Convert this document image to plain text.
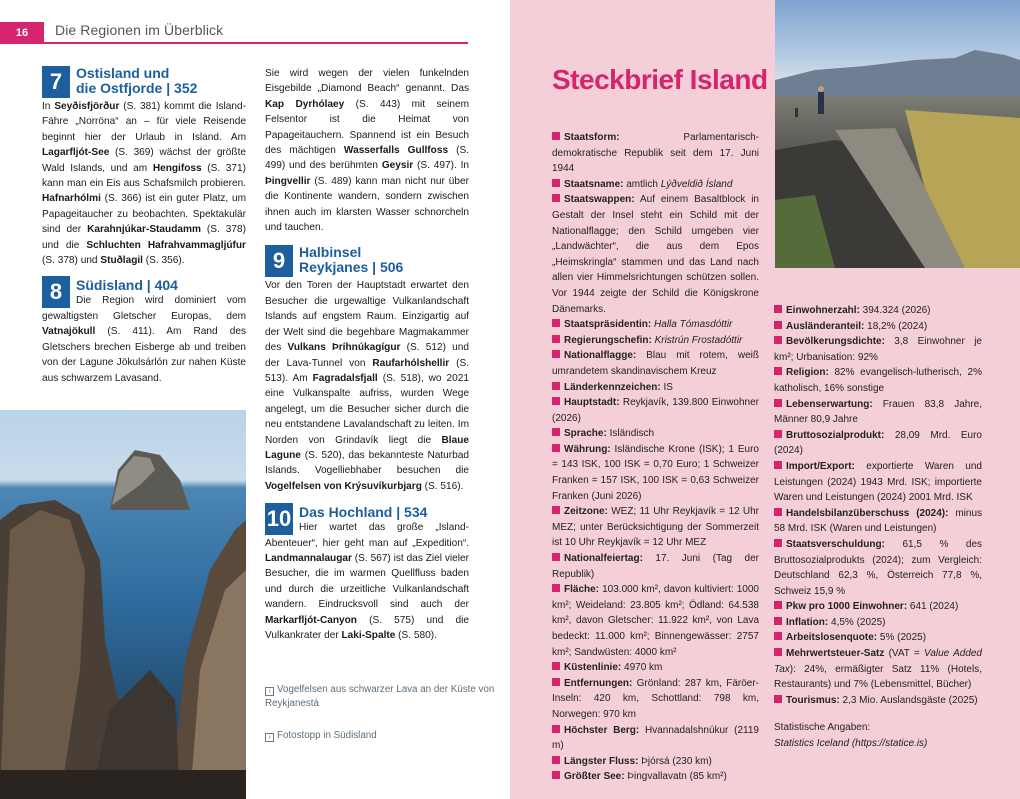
16	Die Regionen im Überblick
7 Ostisland und
die Ostfjorde | 352

In Seyðisfjörður (S. 381) kommt die Island-Fähre „Norröna“ an – für viele Reisende beginnt hier der Urlaub in Island. Am Lagarfljót-See (S. 369) wächst der größte Wald Islands, und am Hengifoss (S. 371) kann man ein Eis aus Schafsmilch probieren. Hafnarhólmi (S. 366) ist ein guter Platz, um Papageitaucher zu beobachten. Spektakulär sind der Karahnjúkar-Staudamm (S. 378) und die Schluchten Hafrahvammagljúfur (S. 378) und Stuðlagil (S. 356).

8 Südisland | 404

Die Region wird dominiert vom gewaltigsten Gletscher Europas, dem Vatnajökull (S. 411). Am Rand des Gletschers brechen Eisberge ab und treiben von der Lagune Jökulsárlón zur nahen Küste aus schwarzem Lavasand.

Sie wird wegen der vielen funkelnden Eisgebilde „Diamond Beach“ genannt. Das Kap Dyrhólaey (S. 443) mit seinem Felsentor ist die Heimat von Papageitauchern. Spannend ist ein Besuch des mächtigen Wasserfalls Gullfoss (S. 499) und des berühmten Geysir (S. 497). In Þingvellir (S. 489) kann man nicht nur über die Kontinente wandern, sondern zwischen ihnen auch im klarsten Wasser schnorcheln und tauchen.

9 Halbinsel
Reykjanes | 506

Vor den Toren der Hauptstadt erwartet den Besucher die urgewaltige Vulkanlandschaft Islands auf engstem Raum. Einzigartig auf der Welt sind die begehbare Magmakammer des Vulkans Þríhnúkagígur (S. 512) und der Lava-Tunnel von Raufarhólshellir (S. 513). Am Fagradalsfjall (S. 518), wo 2021 eine Vulkanspalte aufriss, wurden Wege angelegt, um die Besucher sicher durch die neu entstandene Lavalandschaft zu leiten. Im Norden von Grindavík liegt die Blaue Lagune (S. 520), das bekannteste Naturbad Islands. Vogelliebhaber besuchen die Vogelfelsen von Krýsuvíkurbjarg (S. 516).

10 Das Hochland | 534

Hier wartet das große „Island-Abenteuer“, hier geht man auf „Expedition“. Landmannalaugar (S. 567) ist das Ziel vieler Besucher, die im warmen Quellfluss baden und durch die urzeitliche Vulkanlandschaft wandern. Eindrucksvoll sind auch der Markarfljót-Canyon (S. 575) und die Vulkankrater der Laki-Spalte (S. 580).

‹ Vogelfelsen aus schwarzer Lava an der Küste von Reykjanestá
› Fotostopp in Südisland
Steckbrief Island

Staatsform: Parlamentarisch-demokratische Republik seit dem 17. Juni 1944

Staatsname: amtlich Lýðveldið Ísland

Staatswappen: Auf einem Basaltblock in Gestalt der Insel steht ein Schild mit der Nationalflagge; den Schild umgeben vier „Landwächter“, die aus dem Epos „Heimskringla“ stammen und das Land nach allen vier Himmelsrichtungen schützen sollen. Vor 1944 zeigte der Schild die Königskrone Dänemarks.

Staatspräsidentin: Halla Tómasdóttir

Regierungschefin: Kristrún Frostadóttir

Nationalflagge: Blau mit rotem, weiß umrandetem skandinavischem Kreuz

Länderkennzeichen: IS

Hauptstadt: Reykjavík, 139.800 Einwohner (2026)

Sprache: Isländisch

Währung: Isländische Krone (ISK); 1 Euro = 143 ISK, 100 ISK = 0,70 Euro; 1 Schweizer Franken = 157 ISK, 100 ISK = 0,63 Schweizer Franken (Juni 2026)

Zeitzone: WEZ; 11 Uhr Reykjavík = 12 Uhr MEZ; unter Berücksichtigung der Sommerzeit ist 10 Uhr Reykjavík = 12 Uhr MEZ

Nationalfeiertag: 17. Juni (Tag der Republik)

Fläche: 103.000 km², davon kultiviert: 1000 km²; Weideland: 23.805 km²; Ödland: 64.538 km², davon Gletscher: 11.922 km², von Lava bedeckt: 11.000 km²; Binnengewässer: 2757 km²; Sandwüsten: 4000 km²

Küstenlinie: 4970 km

Entfernungen: Grönland: 287 km, Färöer-Inseln: 420 km, Schottland: 798 km, Norwegen: 970 km

Höchster Berg: Hvannadalshnúkur (2119 m)

Längster Fluss: Þjórsá (230 km)

Größter See: Þingvallavatn (85 km²)

Einwohnerzahl: 394.324 (2026)

Ausländeranteil: 18,2% (2024)

Bevölkerungsdichte: 3,8 Einwohner je km²; Urbanisation: 92%

Religion: 82% evangelisch-lutherisch, 2% katholisch, 16% sonstige

Lebenserwartung: Frauen 83,8 Jahre, Männer 80,9 Jahre

Bruttosozialprodukt: 28,09 Mrd. Euro (2024)

Import/Export: exportierte Waren und Leistungen (2024) 1943 Mrd. ISK; importierte Waren und Leistungen (2024) 2001 Mrd. ISK

Handelsbilanzüberschuss (2024): minus 58 Mrd. ISK (Waren und Leistungen)

Staatsverschuldung: 61,5 % des Bruttosozialprodukts (2024); zum Vergleich: Deutschland 62,3 %, Österreich 77,8 %, Schweiz 15,9 %

Pkw pro 1000 Einwohner: 641 (2024)

Inflation: 4,5% (2025)

Arbeitslosenquote: 5% (2025)

Mehrwertsteuer-Satz (VAT = Value Added Tax): 24%, ermäßigter Satz 11% (Hotels, Restaurants) und 7% (Lebensmittel, Bücher)

Tourismus: 2,3 Mio. Auslandsgäste (2025)

Statistische Angaben:

Statistics Iceland (https://statice.is)
